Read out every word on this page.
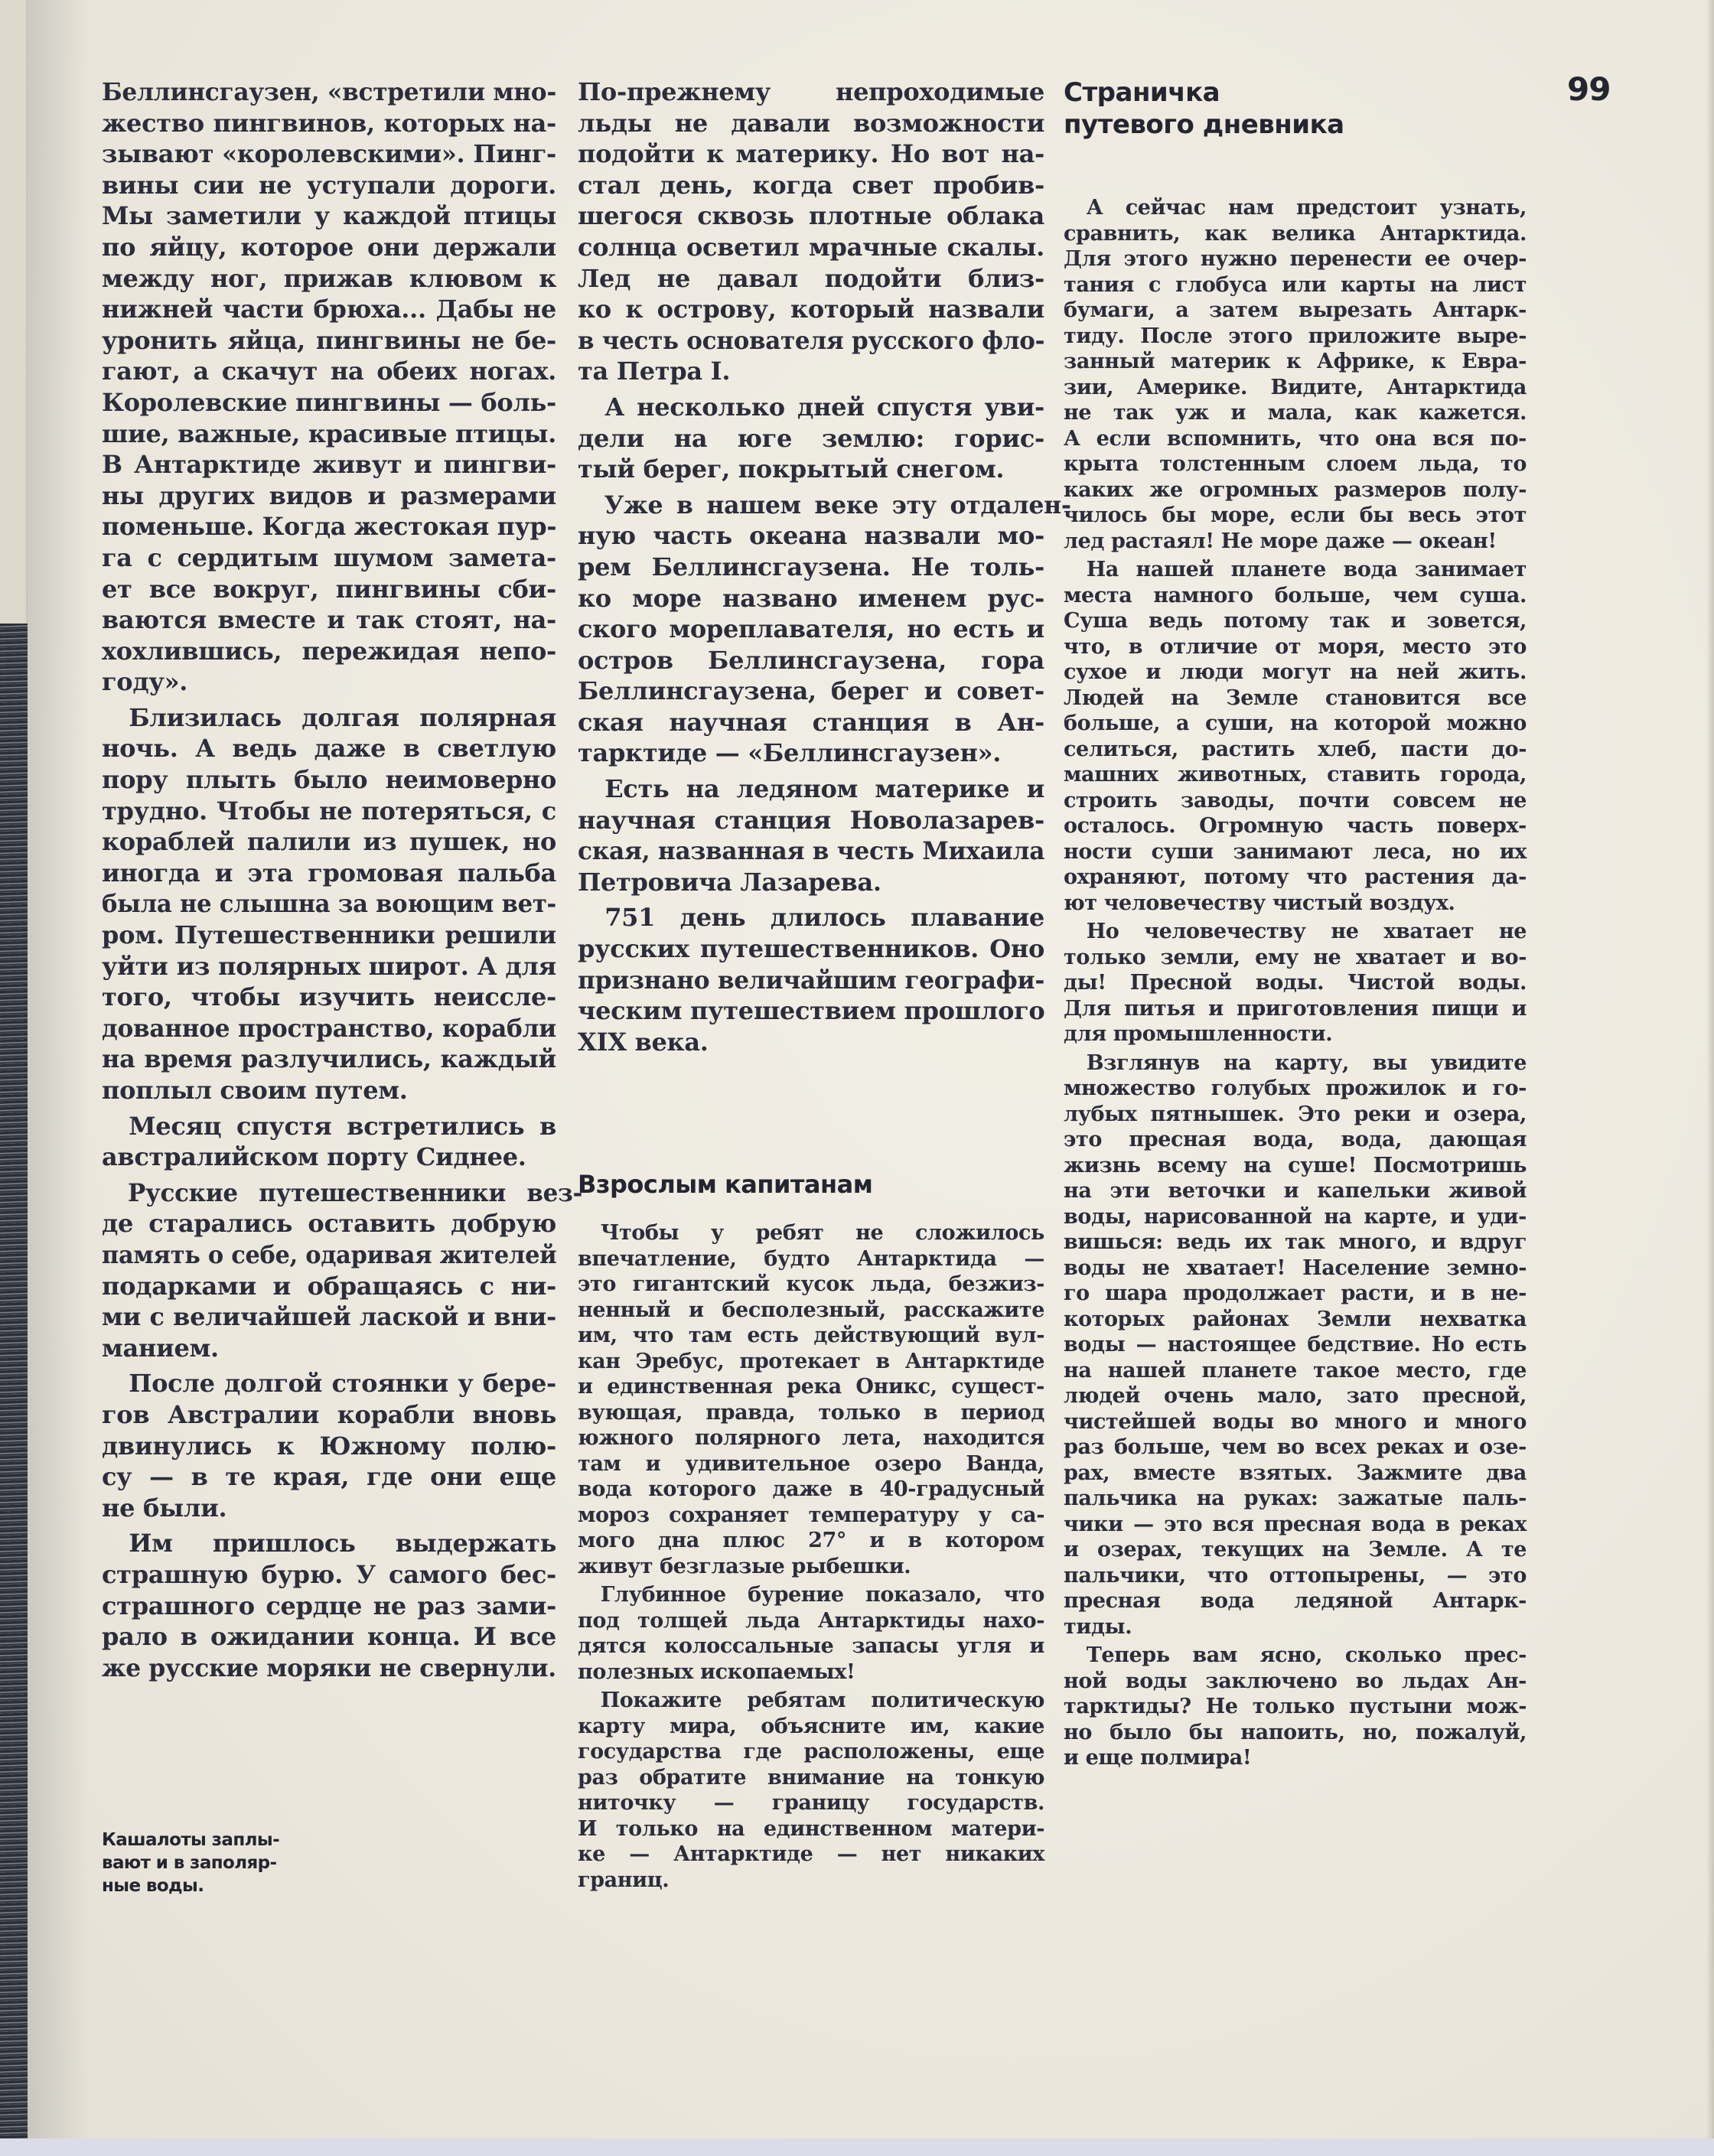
99
Беллинсгаузен, «встретили мно-
жество пингвинов, которых на-
зывают «королевскими». Пинг-
вины сии не уступали дороги.
Мы заметили у каждой птицы
по яйцу, которое они держали
между ног, прижав клювом к
нижней части брюха... Дабы не
уронить яйца, пингвины не бе-
гают, а скачут на обеих ногах.
Королевские пингвины — боль-
шие, важные, красивые птицы.
В Антарктиде живут и пингви-
ны других видов и размерами
поменьше. Когда жестокая пур-
га с сердитым шумом замета-
ет все вокруг, пингвины сби-
ваются вместе и так стоят, на-
хохлившись, пережидая непо-
году».
Близилась долгая полярная
ночь. А ведь даже в светлую
пору плыть было неимоверно
трудно. Чтобы не потеряться, с
кораблей палили из пушек, но
иногда и эта громовая пальба
была не слышна за воющим вет-
ром. Путешественники решили
уйти из полярных широт. А для
того, чтобы изучить неиссле-
дованное пространство, корабли
на время разлучились, каждый
поплыл своим путем.
Месяц спустя встретились в
австралийском порту Сиднее.
Русские путешественники вез-
де старались оставить добрую
память о себе, одаривая жителей
подарками и обращаясь с ни-
ми с величайшей лаской и вни-
манием.
После долгой стоянки у бере-
гов Австралии корабли вновь
двинулись к Южному полю-
су — в те края, где они еще
не были.
Им пришлось выдержать
страшную бурю. У самого бес-
страшного сердце не раз зами-
рало в ожидании конца. И все
же русские моряки не свернули.
Кашалоты заплы-
вают и в заполяр-
ные воды.
По-прежнему непроходимые
льды не давали возможности
подойти к материку. Но вот на-
стал день, когда свет пробив-
шегося сквозь плотные облака
солнца осветил мрачные скалы.
Лед не давал подойти близ-
ко к острову, который назвали
в честь основателя русского фло-
та Петра I.
А несколько дней спустя уви-
дели на юге землю: горис-
тый берег, покрытый снегом.
Уже в нашем веке эту отдален-
ную часть океана назвали мо-
рем Беллинсгаузена. Не толь-
ко море названо именем рус-
ского мореплавателя, но есть и
остров Беллинсгаузена, гора
Беллинсгаузена, берег и совет-
ская научная станция в Ан-
тарктиде — «Беллинсгаузен».
Есть на ледяном материке и
научная станция Новолазарев-
ская, названная в честь Михаила
Петровича Лазарева.
751 день длилось плавание
русских путешественников. Оно
признано величайшим географи-
ческим путешествием прошлого
XIX века.
Взрослым капитанам
Чтобы у ребят не сложилось
впечатление, будто Антарктида —
это гигантский кусок льда, безжиз-
ненный и бесполезный, расскажите
им, что там есть действующий вул-
кан Эребус, протекает в Антарктиде
и единственная река Оникс, сущест-
вующая, правда, только в период
южного полярного лета, находится
там и удивительное озеро Ванда,
вода которого даже в 40-градусный
мороз сохраняет температуру у са-
мого дна плюс 27° и в котором
живут безглазые рыбешки.
Глубинное бурение показало, что
под толщей льда Антарктиды нахо-
дятся колоссальные запасы угля и
полезных ископаемых!
Покажите ребятам политическую
карту мира, объясните им, какие
государства где расположены, еще
раз обратите внимание на тонкую
ниточку — границу государств.
И только на единственном матери-
ке — Антарктиде — нет никаких
границ.
Страничка
путевого дневника
А сейчас нам предстоит узнать,
сравнить, как велика Антарктида.
Для этого нужно перенести ее очер-
тания с глобуса или карты на лист
бумаги, а затем вырезать Антарк-
тиду. После этого приложите выре-
занный материк к Африке, к Евра-
зии, Америке. Видите, Антарктида
не так уж и мала, как кажется.
А если вспомнить, что она вся по-
крыта толстенным слоем льда, то
каких же огромных размеров полу-
чилось бы море, если бы весь этот
лед растаял! Не море даже — океан!
На нашей планете вода занимает
места намного больше, чем суша.
Суша ведь потому так и зовется,
что, в отличие от моря, место это
сухое и люди могут на ней жить.
Людей на Земле становится все
больше, а суши, на которой можно
селиться, растить хлеб, пасти до-
машних животных, ставить города,
строить заводы, почти совсем не
осталось. Огромную часть поверх-
ности суши занимают леса, но их
охраняют, потому что растения да-
ют человечеству чистый воздух.
Но человечеству не хватает не
только земли, ему не хватает и во-
ды! Пресной воды. Чистой воды.
Для питья и приготовления пищи и
для промышленности.
Взглянув на карту, вы увидите
множество голубых прожилок и го-
лубых пятнышек. Это реки и озера,
это пресная вода, вода, дающая
жизнь всему на суше! Посмотришь
на эти веточки и капельки живой
воды, нарисованной на карте, и уди-
вишься: ведь их так много, и вдруг
воды не хватает! Население земно-
го шара продолжает расти, и в не-
которых районах Земли нехватка
воды — настоящее бедствие. Но есть
на нашей планете такое место, где
людей очень мало, зато пресной,
чистейшей воды во много и много
раз больше, чем во всех реках и озе-
рах, вместе взятых. Зажмите два
пальчика на руках: зажатые паль-
чики — это вся пресная вода в реках
и озерах, текущих на Земле. А те
пальчики, что оттопырены, — это
пресная вода ледяной Антарк-
тиды.
Теперь вам ясно, сколько прес-
ной воды заключено во льдах Ан-
тарктиды? Не только пустыни мож-
но было бы напоить, но, пожалуй,
и еще полмира!
